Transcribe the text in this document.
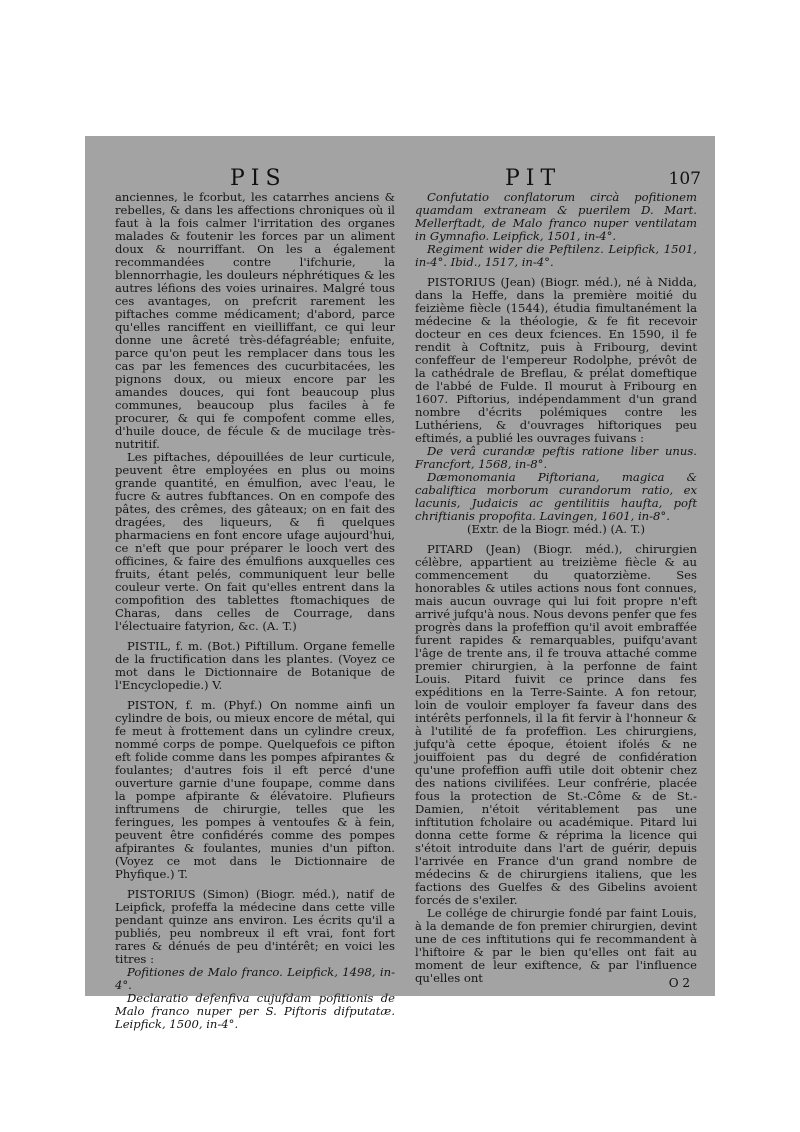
PIS	PIT	107

anciennes, le fcorbut, les catarrhes anciens & rebelles, & dans les affections chroniques où il faut à la fois calmer l'irritation des organes malades & foutenir les forces par un aliment doux & nourriffant. On les a également recommandées contre l'ifchurie, la blennorrhagie, les douleurs néphrétiques & les autres léfions des voies urinaires. Malgré tous ces avantages, on prefcrit rarement les piftaches comme médicament; d'abord, parce qu'elles ranciffent en vieilliffant, ce qui leur donne une âcreté très-défagréable; enfuite, parce qu'on peut les remplacer dans tous les cas par les femences des cucurbitacées, les pignons doux, ou mieux encore par les amandes douces, qui font beaucoup plus communes, beaucoup plus faciles à fe procurer, & qui fe compofent comme elles, d'huile douce, de fécule & de mucilage très-nutritif.

Les piftaches, dépouillées de leur curticule, peuvent être employées en plus ou moins grande quantité, en émulfion, avec l'eau, le fucre & autres fubftances. On en compofe des pâtes, des crêmes, des gâteaux; on en fait des dragées, des liqueurs, & fi quelques pharmaciens en font encore ufage aujourd'hui, ce n'eft que pour préparer le looch vert des officines, & faire des émulfions auxquelles ces fruits, étant pelés, communiquent leur belle couleur verte. On fait qu'elles entrent dans la compofition des tablettes ftomachiques de Charas, dans celles de Courrage, dans l'électuaire fatyrion, &c. (A. T.)

PISTIL, f. m. (Bot.) Piftillum. Organe femelle de la fructification dans les plantes. (Voyez ce mot dans le Dictionnaire de Botanique de l'Encyclopedie.) V.

PISTON, f. m. (Phyf.) On nomme ainfi un cylindre de bois, ou mieux encore de métal, qui fe meut à frottement dans un cylindre creux, nommé corps de pompe. Quelquefois ce pifton eft folide comme dans les pompes afpirantes & foulantes; d'autres fois il eft percé d'une ouverture garnie d'une foupape, comme dans la pompe afpirante & élévatoire. Plufieurs inftrumens de chirurgie, telles que les feringues, les pompes à ventoufes & à fein, peuvent être confidérés comme des pompes afpirantes & foulantes, munies d'un pifton. (Voyez ce mot dans le Dictionnaire de Phyfique.) T.

PISTORIUS (Simon) (Biogr. méd.), natif de Leipfick, profeffa la médecine dans cette ville pendant quinze ans environ. Les écrits qu'il a publiés, peu nombreux il eft vrai, font fort rares & dénués de peu d'intérêt; en voici les titres :

Pofitiones de Malo franco. Leipfick, 1498, in-4°.

Declaratio defenfiva cujufdam pofitionis de Malo franco nuper per S. Piftoris difputatæ. Leipfick, 1500, in-4°.

Confutatio conflatorum circà pofitionem quamdam extraneam & puerilem D. Mart. Mellerftadt, de Malo franco nuper ventilatam in Gymnafio. Leipfick, 1501, in-4°.

Regiment wider die Peftilenz. Leipfick, 1501, in-4°. Ibid., 1517, in-4°.

PISTORIUS (Jean) (Biogr. méd.), né à Nidda, dans la Heffe, dans la première moitié du feizième fiècle (1544), étudia fimultanément la médecine & la théologie, & fe fit recevoir docteur en ces deux fciences. En 1590, il fe rendit à Coftnitz, puis à Fribourg, devint confeffeur de l'empereur Rodolphe, prévôt de la cathédrale de Breflau, & prélat domeftique de l'abbé de Fulde. Il mourut à Fribourg en 1607. Piftorius, indépendamment d'un grand nombre d'écrits polémiques contre les Luthériens, & d'ouvrages hiftoriques peu eftimés, a publié les ouvrages fuivans :

De verâ curandæ peftis ratione liber unus. Francfort, 1568, in-8°.

Dæmonomania Piftoriana, magica & cabaliftica morborum curandorum ratio, ex lacunis, Judaicis ac gentilitiis haufta, poft chriftianis propofita. Lavingen, 1601, in-8°.

(Extr. de la Biogr. méd.) (A. T.)

PITARD (Jean) (Biogr. méd.), chirurgien célèbre, appartient au treizième fiècle & au commencement du quatorzième. Ses honorables & utiles actions nous font connues, mais aucun ouvrage qui lui foit propre n'eft arrivé jufqu'à nous. Nous devons penfer que fes progrès dans la profeffion qu'il avoit embraffée furent rapides & remarquables, puifqu'avant l'âge de trente ans, il fe trouva attaché comme premier chirurgien, à la perfonne de faint Louis. Pitard fuivit ce prince dans fes expéditions en la Terre-Sainte. A fon retour, loin de vouloir employer fa faveur dans des intérêts perfonnels, il la fit fervir à l'honneur & à l'utilité de fa profeffion. Les chirurgiens, jufqu'à cette époque, étoient ifolés & ne jouiffoient pas du degré de confidération qu'une profeffion auffi utile doit obtenir chez des nations civilifées. Leur confrérie, placée fous la protection de St.-Côme & de St.-Damien, n'étoit véritablement pas une inftitution fcholaire ou académique. Pitard lui donna cette forme & réprima la licence qui s'étoit introduite dans l'art de guérir, depuis l'arrivée en France d'un grand nombre de médecins & de chirurgiens italiens, que les factions des Guelfes & des Gibelins avoient forcés de s'exiler.

Le collége de chirurgie fondé par faint Louis, à la demande de fon premier chirurgien, devint une de ces inftitutions qui fe recommandent à l'hiftoire & par le bien qu'elles ont fait au moment de leur exiftence, & par l'influence qu'elles ont	O 2
